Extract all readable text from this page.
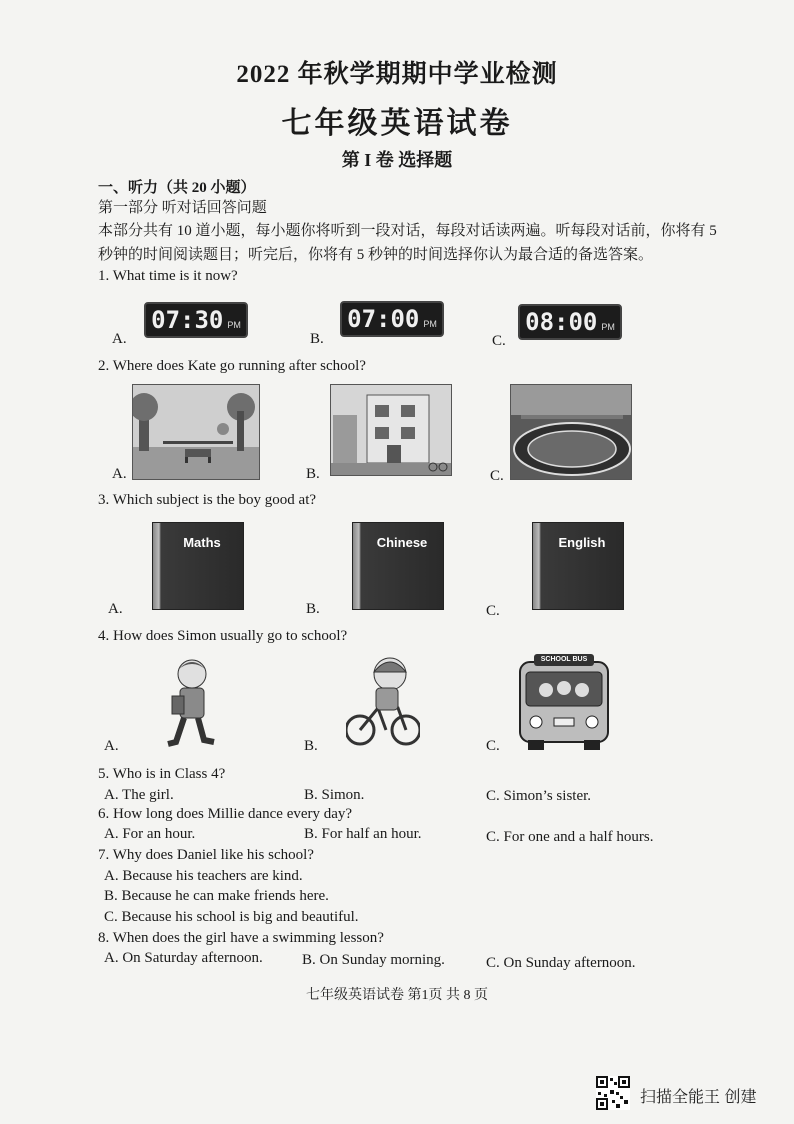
2022 年秋学期期中学业检测
七年级英语试卷
第 I 卷 选择题
一、听力（共 20 小题）
第一部分 听对话回答问题
本部分共有 10 道小题，每小题你将听到一段对话，每段对话读两遍。听每段对话前，你将有 5
秒钟的时间阅读题目；听完后，你将有 5 秒钟的时间选择你认为最合适的备选答案。
1. What time is it now?
A.
07:30 PM
B.
07:00 PM
C.
08:00 PM
2. Where does Kate go running after school?
A.	B.	C.
3. Which subject is the boy good at?
A.
Maths
B.
Chinese
C.
English
4. How does Simon usually go to school?
A.	B.	C.
SCHOOL BUS
5. Who is in Class 4?
A. The girl.	B. Simon.	C. Simon’s sister.
6. How long does Millie dance every day?
A. For an hour.	B. For half an hour.	C. For one and a half hours.
7. Why does Daniel like his school?
A. Because his teachers are kind.
B. Because he can make friends here.
C. Because his school is big and beautiful.
8. When does the girl have a swimming lesson?
A. On Saturday afternoon.	B. On Sunday morning.	C. On Sunday afternoon.
七年级英语试卷 第1页 共 8 页
扫描全能王 创建
